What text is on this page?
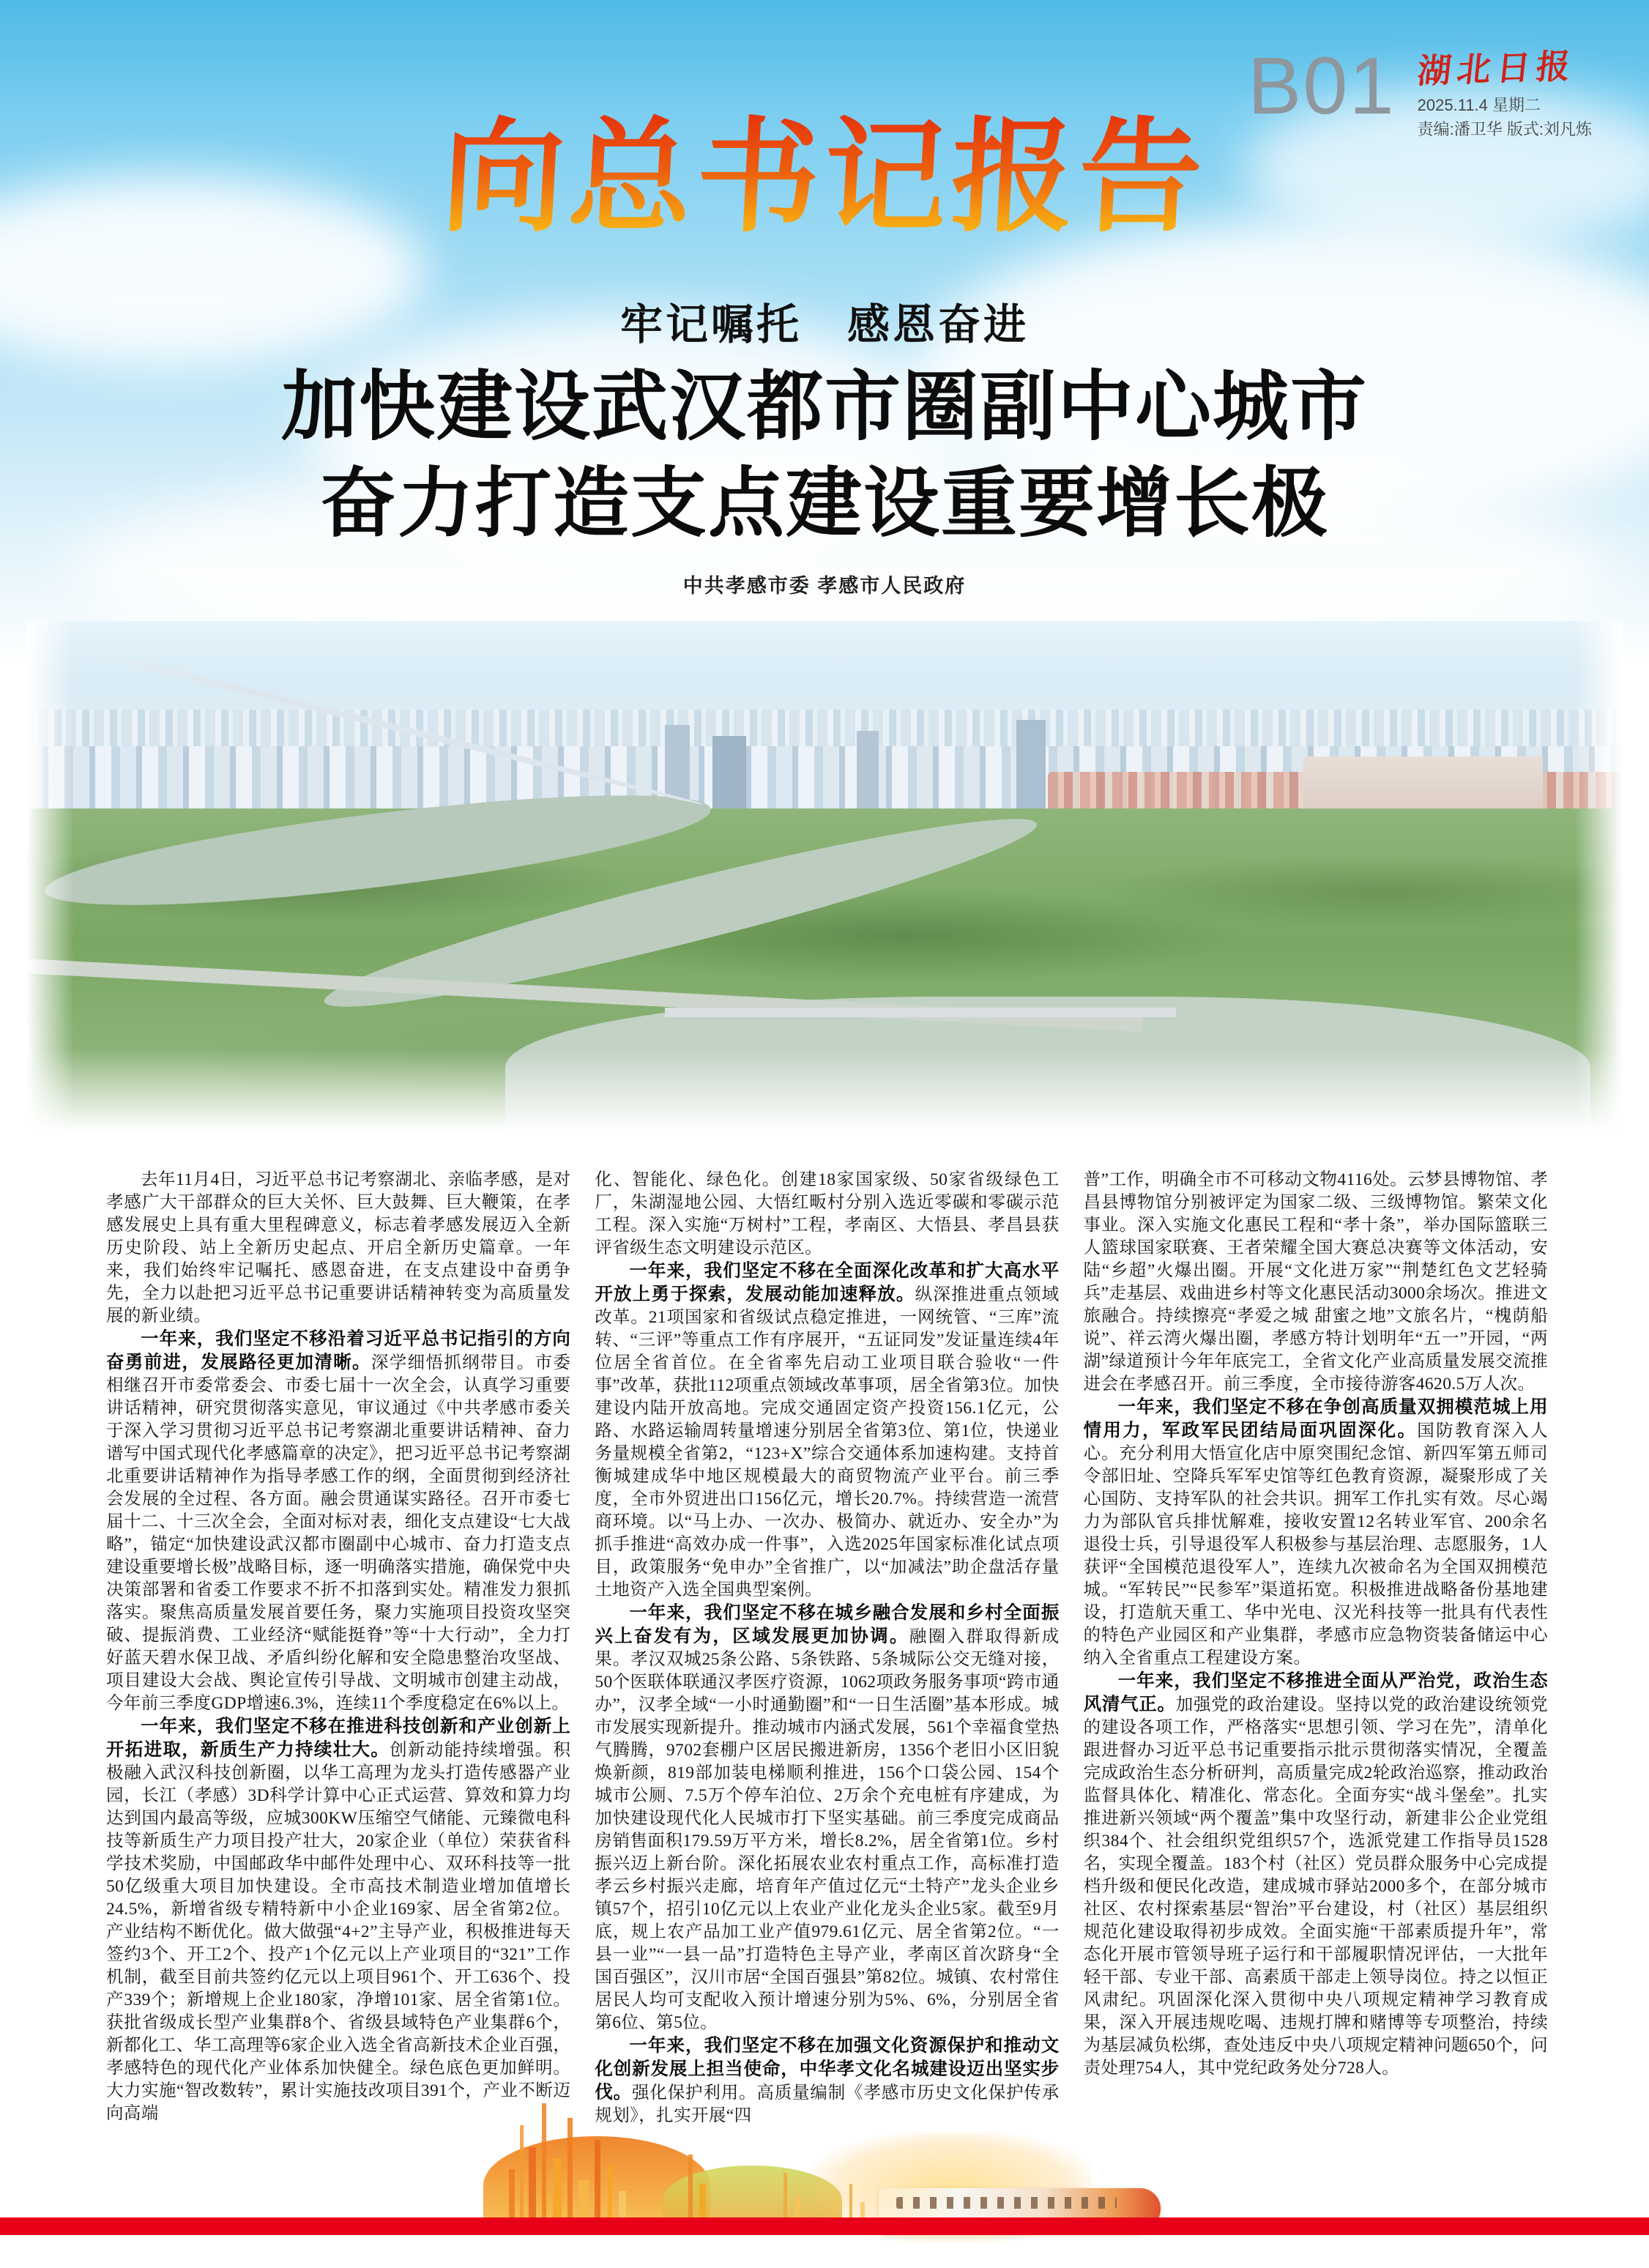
B01 湖北日报
2025.11.4 星期二
责编:潘卫华 版式:刘凡炼
向总书记报告
牢记嘱托　感恩奋进
加快建设武汉都市圈副中心城市
奋力打造支点建设重要增长极
中共孝感市委 孝感市人民政府

去年11月4日，习近平总书记考察湖北、亲临孝感，是对孝感广大干部群众的巨大关怀、巨大鼓舞、巨大鞭策，在孝感发展史上具有重大里程碑意义，标志着孝感发展迈入全新历史阶段、站上全新历史起点、开启全新历史篇章。一年来，我们始终牢记嘱托、感恩奋进，在支点建设中奋勇争先，全力以赴把习近平总书记重要讲话精神转变为高质量发展的新业绩。

一年来，我们坚定不移沿着习近平总书记指引的方向奋勇前进，发展路径更加清晰。深学细悟抓纲带目。市委相继召开市委常委会、市委七届十一次全会，认真学习重要讲话精神，研究贯彻落实意见，审议通过《中共孝感市委关于深入学习贯彻习近平总书记考察湖北重要讲话精神、奋力谱写中国式现代化孝感篇章的决定》，把习近平总书记考察湖北重要讲话精神作为指导孝感工作的纲，全面贯彻到经济社会发展的全过程、各方面。融会贯通谋实路径。召开市委七届十二、十三次全会，全面对标对表，细化支点建设“七大战略”，锚定“加快建设武汉都市圈副中心城市、奋力打造支点建设重要增长极”战略目标，逐一明确落实措施，确保党中央决策部署和省委工作要求不折不扣落到实处。精准发力狠抓落实。聚焦高质量发展首要任务，聚力实施项目投资攻坚突破、提振消费、工业经济“赋能挺脊”等“十大行动”，全力打好蓝天碧水保卫战、矛盾纠纷化解和安全隐患整治攻坚战、项目建设大会战、舆论宣传引导战、文明城市创建主动战，今年前三季度GDP增速6.3%，连续11个季度稳定在6%以上。

一年来，我们坚定不移在推进科技创新和产业创新上开拓进取，新质生产力持续壮大。创新动能持续增强。积极融入武汉科技创新圈，以华工高理为龙头打造传感器产业园，长江（孝感）3D科学计算中心正式运营、算效和算力均达到国内最高等级，应城300KW压缩空气储能、元臻微电科技等新质生产力项目投产壮大，20家企业（单位）荣获省科学技术奖励，中国邮政华中邮件处理中心、双环科技等一批50亿级重大项目加快建设。全市高技术制造业增加值增长24.5%，新增省级专精特新中小企业169家、居全省第2位。产业结构不断优化。做大做强“4+2”主导产业，积极推进每天签约3个、开工2个、投产1个亿元以上产业项目的“321”工作机制，截至目前共签约亿元以上项目961个、开工636个、投产339个；新增规上企业180家，净增101家、居全省第1位。获批省级成长型产业集群8个、省级县域特色产业集群6个，新都化工、华工高理等6家企业入选全省高新技术企业百强，孝感特色的现代化产业体系加快健全。绿色底色更加鲜明。大力实施“智改数转”，累计实施技改项目391个，产业不断迈向高端

化、智能化、绿色化。创建18家国家级、50家省级绿色工厂，朱湖湿地公园、大悟红畈村分别入选近零碳和零碳示范工程。深入实施“万树村”工程，孝南区、大悟县、孝昌县获评省级生态文明建设示范区。

一年来，我们坚定不移在全面深化改革和扩大高水平开放上勇于探索，发展动能加速释放。纵深推进重点领域改革。21项国家和省级试点稳定推进，一网统管、“三库”流转、“三评”等重点工作有序展开，“五证同发”发证量连续4年位居全省首位。在全省率先启动工业项目联合验收“一件事”改革，获批112项重点领域改革事项，居全省第3位。加快建设内陆开放高地。完成交通固定资产投资156.1亿元，公路、水路运输周转量增速分别居全省第3位、第1位，快递业务量规模全省第2，“123+X”综合交通体系加速构建。支持首衡城建成华中地区规模最大的商贸物流产业平台。前三季度，全市外贸进出口156亿元，增长20.7%。持续营造一流营商环境。以“马上办、一次办、极简办、就近办、安全办”为抓手推进“高效办成一件事”，入选2025年国家标准化试点项目，政策服务“免申办”全省推广，以“加减法”助企盘活存量土地资产入选全国典型案例。

一年来，我们坚定不移在城乡融合发展和乡村全面振兴上奋发有为，区域发展更加协调。融圈入群取得新成果。孝汉双城25条公路、5条铁路、5条城际公交无缝对接，50个医联体联通汉孝医疗资源，1062项政务服务事项“跨市通办”，汉孝全域“一小时通勤圈”和“一日生活圈”基本形成。城市发展实现新提升。推动城市内涵式发展，561个幸福食堂热气腾腾，9702套棚户区居民搬进新房，1356个老旧小区旧貌焕新颜，819部加装电梯顺利推进，156个口袋公园、154个城市公厕、7.5万个停车泊位、2万余个充电桩有序建成，为加快建设现代化人民城市打下坚实基础。前三季度完成商品房销售面积179.59万平方米，增长8.2%，居全省第1位。乡村振兴迈上新台阶。深化拓展农业农村重点工作，高标准打造孝云乡村振兴走廊，培育年产值过亿元“土特产”龙头企业乡镇57个，招引10亿元以上农业产业化龙头企业5家。截至9月底，规上农产品加工业产值979.61亿元、居全省第2位。“一县一业”“一县一品”打造特色主导产业，孝南区首次跻身“全国百强区”，汉川市居“全国百强县”第82位。城镇、农村常住居民人均可支配收入预计增速分别为5%、6%，分别居全省第6位、第5位。

一年来，我们坚定不移在加强文化资源保护和推动文化创新发展上担当使命，中华孝文化名城建设迈出坚实步伐。强化保护利用。高质量编制《孝感市历史文化保护传承规划》，扎实开展“四

普”工作，明确全市不可移动文物4116处。云梦县博物馆、孝昌县博物馆分别被评定为国家二级、三级博物馆。繁荣文化事业。深入实施文化惠民工程和“孝十条”，举办国际篮联三人篮球国家联赛、王者荣耀全国大赛总决赛等文体活动，安陆“乡超”火爆出圈。开展“文化进万家”“荆楚红色文艺轻骑兵”走基层、戏曲进乡村等文化惠民活动3000余场次。推进文旅融合。持续擦亮“孝爱之城 甜蜜之地”文旅名片，“槐荫船说”、祥云湾火爆出圈，孝感方特计划明年“五一”开园，“两湖”绿道预计今年年底完工，全省文化产业高质量发展交流推进会在孝感召开。前三季度，全市接待游客4620.5万人次。

一年来，我们坚定不移在争创高质量双拥模范城上用情用力，军政军民团结局面巩固深化。国防教育深入人心。充分利用大悟宣化店中原突围纪念馆、新四军第五师司令部旧址、空降兵军军史馆等红色教育资源，凝聚形成了关心国防、支持军队的社会共识。拥军工作扎实有效。尽心竭力为部队官兵排忧解难，接收安置12名转业军官、200余名退役士兵，引导退役军人积极参与基层治理、志愿服务，1人获评“全国模范退役军人”，连续九次被命名为全国双拥模范城。“军转民”“民参军”渠道拓宽。积极推进战略备份基地建设，打造航天重工、华中光电、汉光科技等一批具有代表性的特色产业园区和产业集群，孝感市应急物资装备储运中心纳入全省重点工程建设方案。

一年来，我们坚定不移推进全面从严治党，政治生态风清气正。加强党的政治建设。坚持以党的政治建设统领党的建设各项工作，严格落实“思想引领、学习在先”，清单化跟进督办习近平总书记重要指示批示贯彻落实情况，全覆盖完成政治生态分析研判，高质量完成2轮政治巡察，推动政治监督具体化、精准化、常态化。全面夯实“战斗堡垒”。扎实推进新兴领域“两个覆盖”集中攻坚行动，新建非公企业党组织384个、社会组织党组织57个，选派党建工作指导员1528名，实现全覆盖。183个村（社区）党员群众服务中心完成提档升级和便民化改造，建成城市驿站2000多个，在部分城市社区、农村探索基层“智治”平台建设，村（社区）基层组织规范化建设取得初步成效。全面实施“干部素质提升年”，常态化开展市管领导班子运行和干部履职情况评估，一大批年轻干部、专业干部、高素质干部走上领导岗位。持之以恒正风肃纪。巩固深化深入贯彻中央八项规定精神学习教育成果，深入开展违规吃喝、违规打牌和赌博等专项整治，持续为基层减负松绑，查处违反中央八项规定精神问题650个，问责处理754人，其中党纪政务处分728人。
